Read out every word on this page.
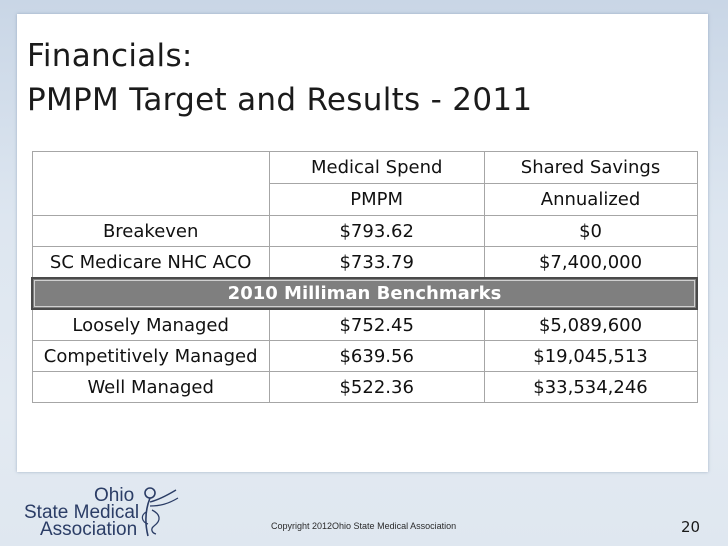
Financials:
PMPM Target and Results - 2011
	Medical Spend	Shared Savings
	PMPM	Annualized
Breakeven	$793.62	$0
SC Medicare NHC ACO	$733.79	$7,400,000

2010 Milliman Benchmarks		

Loosely Managed	$752.45	$5,089,600
Competitively Managed	$639.56	$19,045,513
Well Managed	$522.36	$33,534,246
Ohio
State Medical
Association	Copyright 2012Ohio State Medical Association	20
